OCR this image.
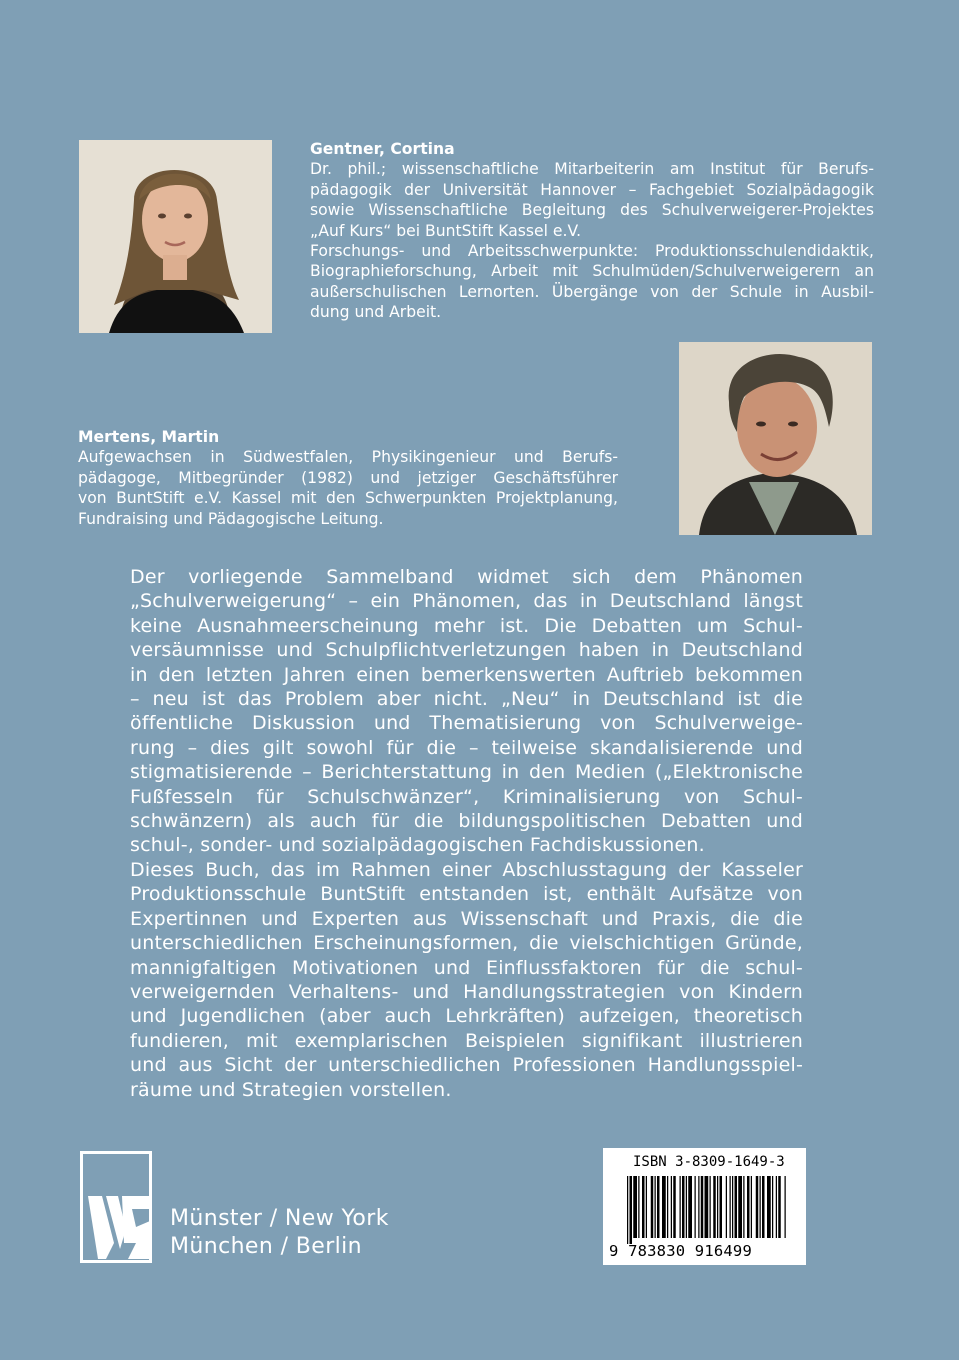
Gentner, Cortina
Dr. phil.; wissenschaftliche Mitarbeiterin am Institut für Berufs-
pädagogik der Universität Hannover – Fachgebiet Sozialpädagogik
sowie Wissenschaftliche Begleitung des Schulverweigerer-Projektes
„Auf Kurs“ bei BuntStift Kassel e.V.
Forschungs- und Arbeitsschwerpunkte: Produktionsschulendidaktik,
Biographieforschung, Arbeit mit Schulmüden/Schulverweigerern an
außerschulischen Lernorten. Übergänge von der Schule in Ausbil-
dung und Arbeit.
Mertens, Martin
Aufgewachsen in Südwestfalen, Physikingenieur und Berufs-
pädagoge, Mitbegründer (1982) und jetziger Geschäftsführer
von BuntStift e.V. Kassel mit den Schwerpunkten Projektplanung,
Fundraising und Pädagogische Leitung.
Der vorliegende Sammelband widmet sich dem Phänomen
„Schulverweigerung“ – ein Phänomen, das in Deutschland längst
keine Ausnahmeerscheinung mehr ist. Die Debatten um Schul-
versäumnisse und Schulpflichtverletzungen haben in Deutschland
in den letzten Jahren einen bemerkenswerten Auftrieb bekommen
– neu ist das Problem aber nicht. „Neu“ in Deutschland ist die
öffentliche Diskussion und Thematisierung von Schulverweige-
rung – dies gilt sowohl für die – teilweise skandalisierende und
stigmatisierende – Berichterstattung in den Medien („Elektronische
Fußfesseln für Schulschwänzer“, Kriminalisierung von Schul-
schwänzern) als auch für die bildungspolitischen Debatten und
schul-, sonder- und sozialpädagogischen Fachdiskussionen.
Dieses Buch, das im Rahmen einer Abschlusstagung der Kasseler
Produktionsschule BuntStift entstanden ist, enthält Aufsätze von
Expertinnen und Experten aus Wissenschaft und Praxis, die die
unterschiedlichen Erscheinungsformen, die vielschichtigen Gründe,
mannigfaltigen Motivationen und Einflussfaktoren für die schul-
verweigernden Verhaltens- und Handlungsstrategien von Kindern
und Jugendlichen (aber auch Lehrkräften) aufzeigen, theoretisch
fundieren, mit exemplarischen Beispielen signifikant illustrieren
und aus Sicht der unterschiedlichen Professionen Handlungsspiel-
räume und Strategien vorstellen.
Münster / New York
München / Berlin
ISBN 3-8309-1649-3
9 783830 916499
